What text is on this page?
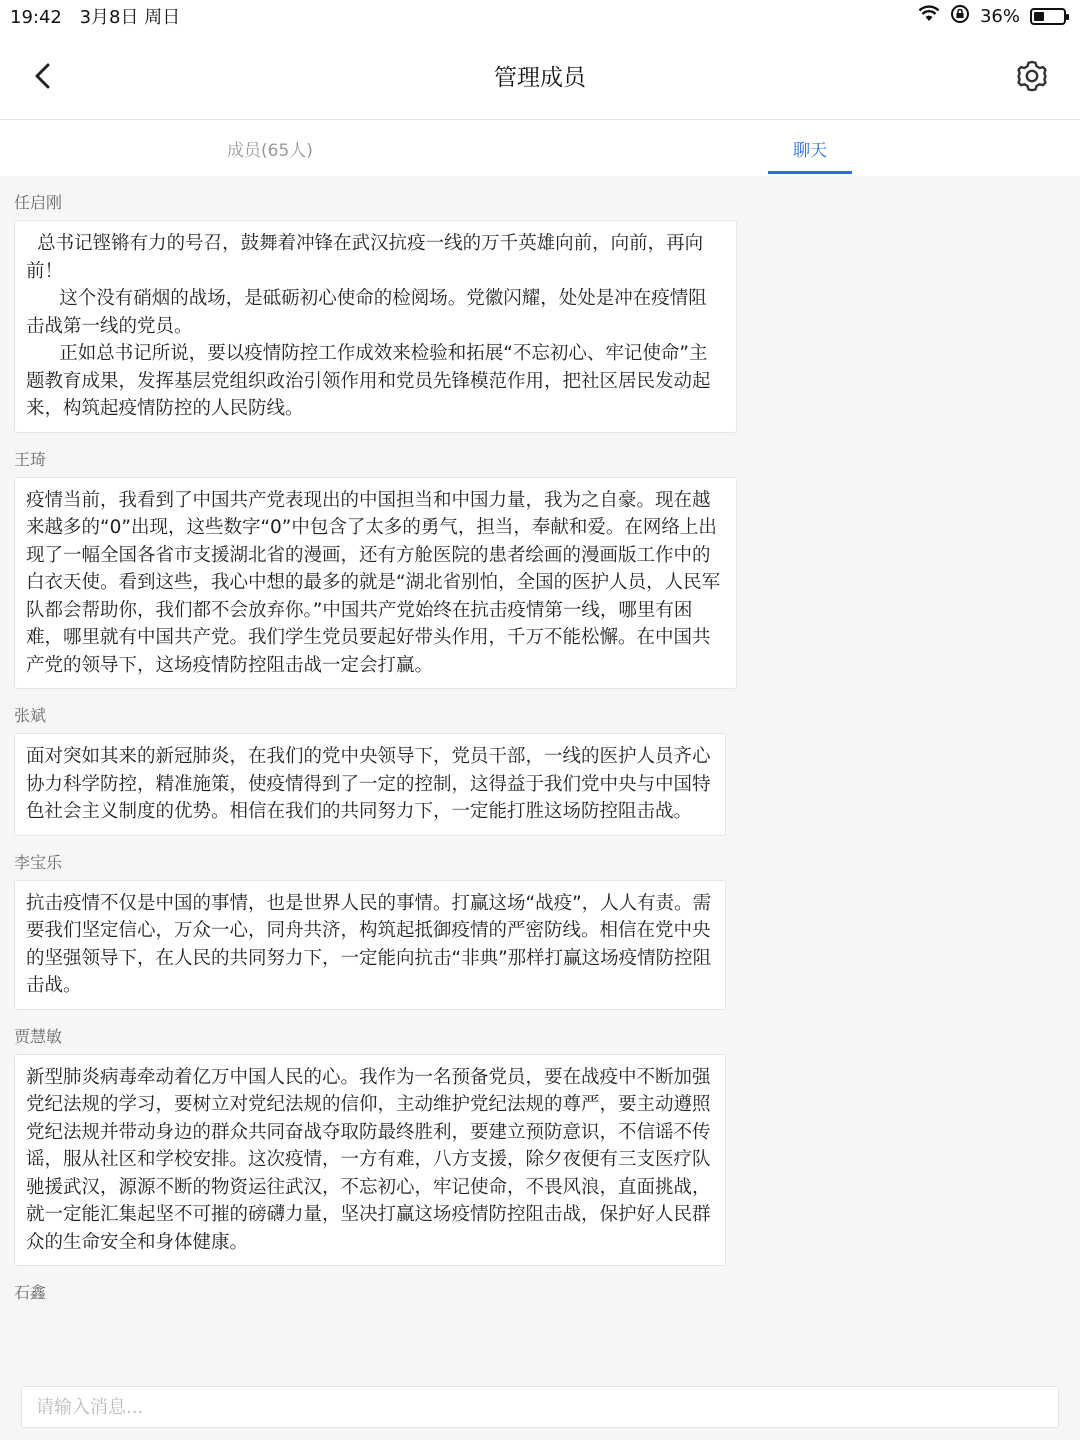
19:42 3月8日 周日	36%
管理成员
成员(65人)	聊天
任启刚

总书记铿锵有力的号召，鼓舞着冲锋在武汉抗疫一线的万千英雄向前，向前，再向前！

这个没有硝烟的战场，是砥砺初心使命的检阅场。党徽闪耀，处处是冲在疫情阻击战第一线的党员。

正如总书记所说，要以疫情防控工作成效来检验和拓展“不忘初心、牢记使命”主题教育成果，发挥基层党组织政治引领作用和党员先锋模范作用，把社区居民发动起来，构筑起疫情防控的人民防线。

王琦

疫情当前，我看到了中国共产党表现出的中国担当和中国力量，我为之自豪。现在越来越多的“0”出现，这些数字“0”中包含了太多的勇气，担当，奉献和爱。在网络上出现了一幅全国各省市支援湖北省的漫画，还有方舱医院的患者绘画的漫画版工作中的白衣天使。看到这些，我心中想的最多的就是“湖北省别怕，全国的医护人员，人民军队都会帮助你，我们都不会放弃你。”中国共产党始终在抗击疫情第一线，哪里有困难，哪里就有中国共产党。我们学生党员要起好带头作用，千万不能松懈。在中国共产党的领导下，这场疫情防控阻击战一定会打赢。

张斌

面对突如其来的新冠肺炎，在我们的党中央领导下，党员干部，一线的医护人员齐心协力科学防控，精准施策，使疫情得到了一定的控制，这得益于我们党中央与中国特色社会主义制度的优势。相信在我们的共同努力下，一定能打胜这场防控阻击战。

李宝乐

抗击疫情不仅是中国的事情，也是世界人民的事情。打赢这场“战疫”，人人有责。需要我们坚定信心，万众一心，同舟共济，构筑起抵御疫情的严密防线。相信在党中央的坚强领导下，在人民的共同努力下，一定能向抗击“非典”那样打赢这场疫情防控阻击战。

贾慧敏

新型肺炎病毒牵动着亿万中国人民的心。我作为一名预备党员，要在战疫中不断加强党纪法规的学习，要树立对党纪法规的信仰，主动维护党纪法规的尊严，要主动遵照党纪法规并带动身边的群众共同奋战夺取防最终胜利，要建立预防意识，不信谣不传谣，服从社区和学校安排。这次疫情，一方有难，八方支援，除夕夜便有三支医疗队驰援武汉，源源不断的物资运往武汉，不忘初心，牢记使命，不畏风浪，直面挑战，就一定能汇集起坚不可摧的磅礴力量，坚决打赢这场疫情防控阻击战，保护好人民群众的生命安全和身体健康。

石鑫
请输入消息...
